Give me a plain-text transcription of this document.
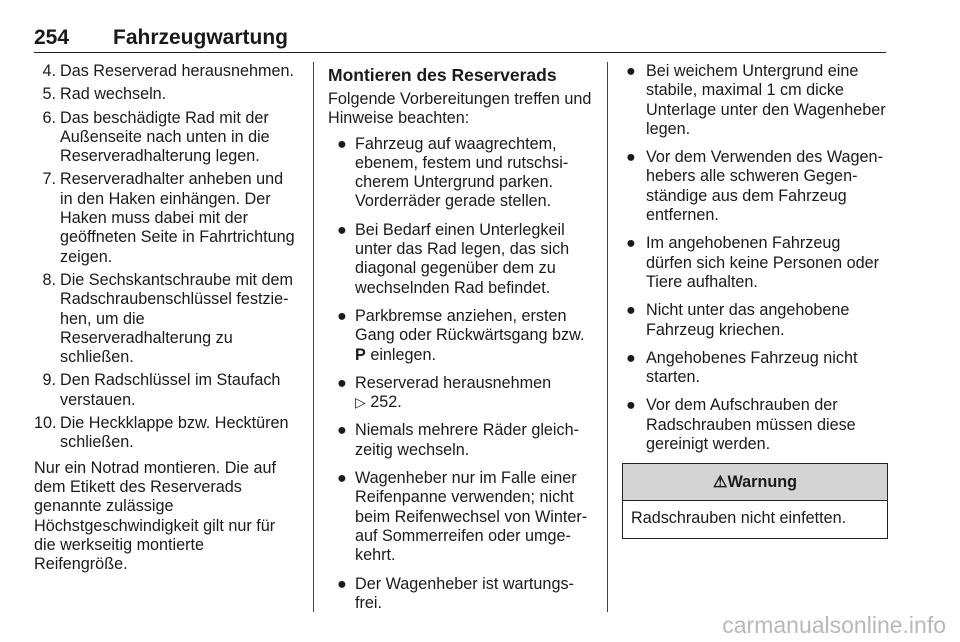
254 Fahrzeugwartung
4. Das Reserverad herausnehmen.
5. Rad wechseln.
6. Das beschädigte Rad mit der Außenseite nach unten in die Reserveradhalterung legen.
7. Reserveradhalter anheben und in den Haken einhängen. Der Haken muss dabei mit der geöffneten Seite in Fahrtrichtung zeigen.
8. Die Sechskantschraube mit dem Radschraubenschlüssel festziehen, um die Reserveradhalterung zu schließen.
9. Den Radschlüssel im Staufach verstauen.
10. Die Heckklappe bzw. Hecktüren schließen.

Nur ein Notrad montieren. Die auf dem Etikett des Reserverads genannte zulässige Höchstgeschwindigkeit gilt nur für die werkseitig montierte Reifengröße.

Montieren des Reserverads

Folgende Vorbereitungen treffen und Hinweise beachten:

● Fahrzeug auf waagrechtem, ebenem, festem und rutschsicherem Untergrund parken. Vorderräder gerade stellen.
● Bei Bedarf einen Unterlegkeil unter das Rad legen, das sich diagonal gegenüber dem zu wechselnden Rad befindet.
● Parkbremse anziehen, ersten Gang oder Rückwärtsgang bzw. P einlegen.
● Reserverad herausnehmen
▷ 252.
● Niemals mehrere Räder gleichzeitig wechseln.
● Wagenheber nur im Falle einer Reifenpanne verwenden; nicht beim Reifenwechsel von Winter- auf Sommerreifen oder umgekehrt.
● Der Wagenheber ist wartungsfrei.
● Bei weichem Untergrund eine stabile, maximal 1 cm dicke Unterlage unter den Wagenheber legen.
● Vor dem Verwenden des Wagenhebers alle schweren Gegenständige aus dem Fahrzeug entfernen.
● Im angehobenen Fahrzeug dürfen sich keine Personen oder Tiere aufhalten.
● Nicht unter das angehobene Fahrzeug kriechen.
● Angehobenes Fahrzeug nicht starten.
● Vor dem Aufschrauben der Radschrauben müssen diese gereinigt werden.
⚠Warnung
Radschrauben nicht einfetten.
carmanualsonline.info
